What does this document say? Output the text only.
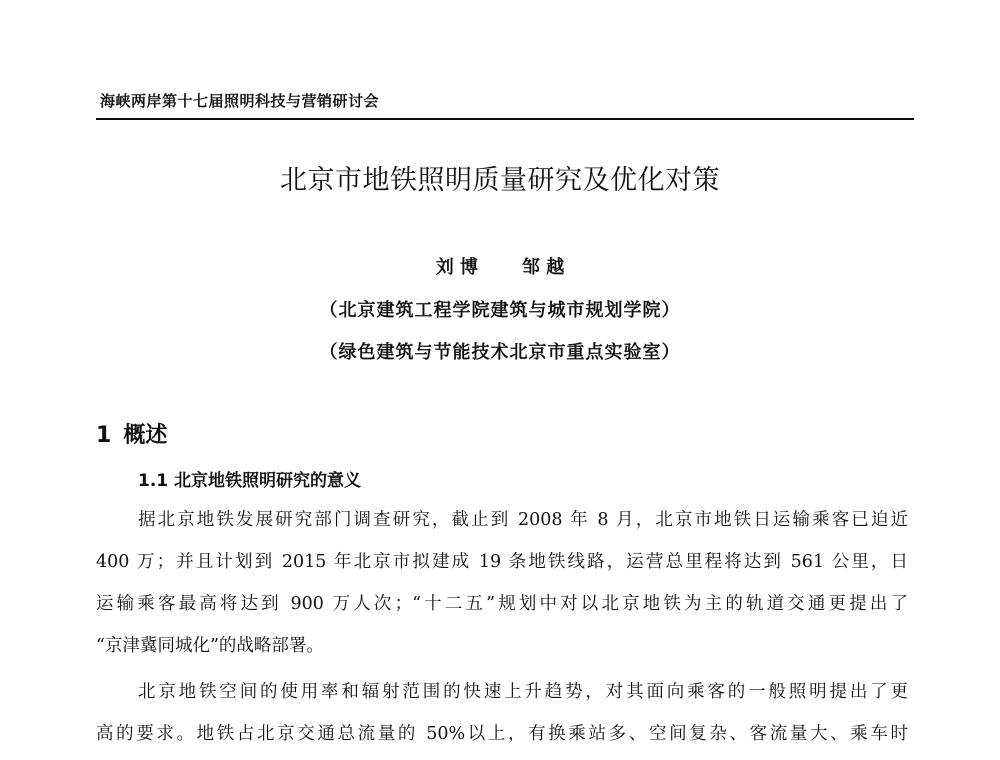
海峡两岸第十七届照明科技与营销研讨会
北京市地铁照明质量研究及优化对策
刘 博 邹 越
（北京建筑工程学院建筑与城市规划学院）
（绿色建筑与节能技术北京市重点实验室）
1 概述
1.1 北京地铁照明研究的意义
据北京地铁发展研究部门调查研究，截止到 2008 年 8 月，北京市地铁日运输乘客已迫近
400 万；并且计划到 2015 年北京市拟建成 19 条地铁线路，运营总里程将达到 561 公里，日
运输乘客最高将达到 900 万人次；“十二五”规划中对以北京地铁为主的轨道交通更提出了
“京津冀同城化”的战略部署。
北京地铁空间的使用率和辐射范围的快速上升趋势，对其面向乘客的一般照明提出了更
高的要求。地铁占北京交通总流量的 50%以上，有换乘站多、空间复杂、客流量大、乘车时
